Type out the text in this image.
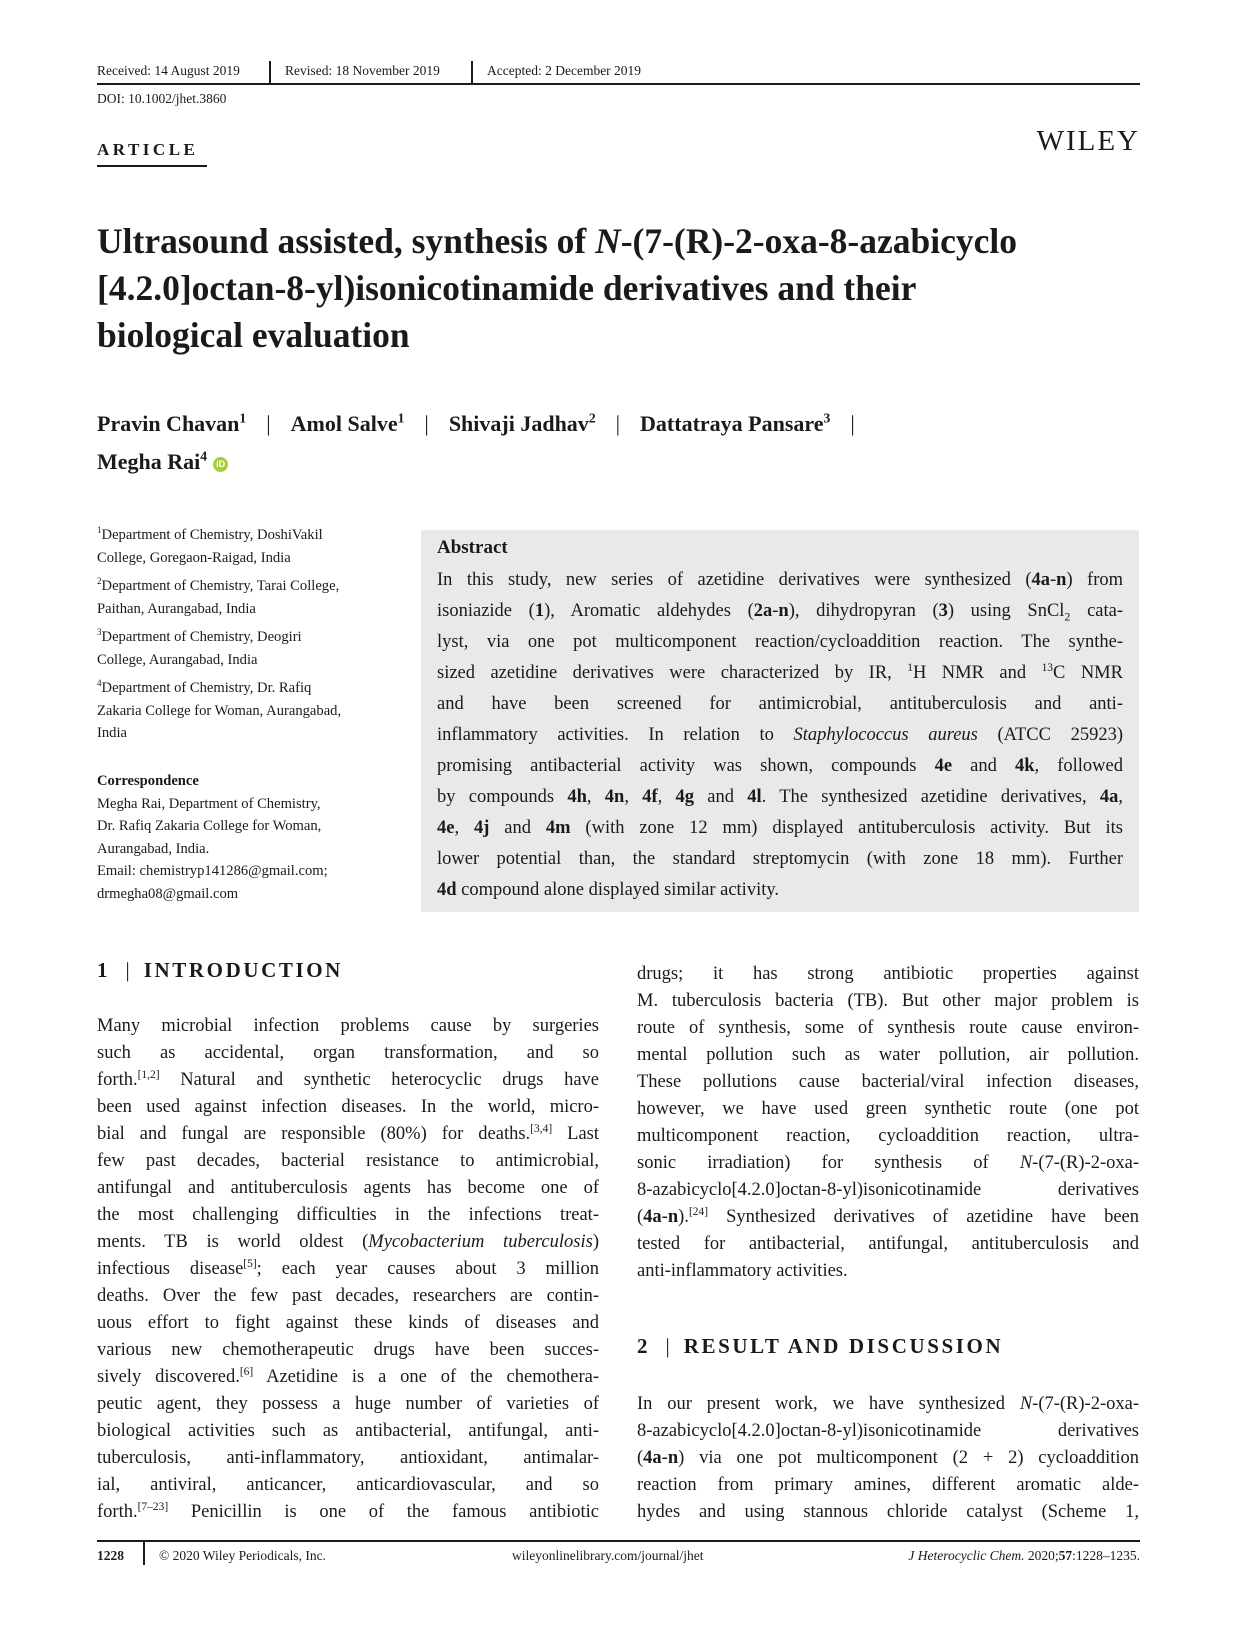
Received: 14 August 2019	Revised: 18 November 2019	Accepted: 2 December 2019
DOI: 10.1002/jhet.3860
ARTICLE	WILEY
Ultrasound assisted, synthesis of N-(7-(R)-2-oxa-8-azabicyclo
[4.2.0]octan-8-yl)isonicotinamide derivatives and their
biological evaluation
Pravin Chavan$^1$ | Amol Salve$^1$ | Shivaji Jadhav$^2$ | Dattatraya Pansare$^3$ |
Megha Rai$^4$iD
$^1$Department of Chemistry, DoshiVakil
College, Goregaon-Raigad, India
$^2$Department of Chemistry, Tarai College,
Paithan, Aurangabad, India
$^3$Department of Chemistry, Deogiri
College, Aurangabad, India
$^4$Department of Chemistry, Dr. Rafiq
Zakaria College for Woman, Aurangabad,
India
Correspondence
Megha Rai, Department of Chemistry,
Dr. Rafiq Zakaria College for Woman,
Aurangabad, India.
Email: chemistryp141286@gmail.com;
drmegha08@gmail.com
Abstract
In this study, new series of azetidine derivatives were synthesized (4a-n) from
isoniazide (1), Aromatic aldehydes (2a-n), dihydropyran (3) using SnCl$_2$ cata-
lyst, via one pot multicomponent reaction/cycloaddition reaction. The synthe-
sized azetidine derivatives were characterized by IR, $^1$H NMR and $^{13}$C NMR
and have been screened for antimicrobial, antituberculosis and anti-
inflammatory activities. In relation to Staphylococcus aureus (ATCC 25923)
promising antibacterial activity was shown, compounds 4e and 4k, followed
by compounds 4h, 4n, 4f, 4g and 4l. The synthesized azetidine derivatives, 4a,
4e, 4j and 4m (with zone 12 mm) displayed antituberculosis activity. But its
lower potential than, the standard streptomycin (with zone 18 mm). Further
4d compound alone displayed similar activity.
1 | INTRODUCTION
Many microbial infection problems cause by surgeries
such as accidental, organ transformation, and so
forth.[1,2] Natural and synthetic heterocyclic drugs have
been used against infection diseases. In the world, micro-
bial and fungal are responsible (80%) for deaths.[3,4] Last
few past decades, bacterial resistance to antimicrobial,
antifungal and antituberculosis agents has become one of
the most challenging difficulties in the infections treat-
ments. TB is world oldest (Mycobacterium tuberculosis)
infectious disease[5]; each year causes about 3 million
deaths. Over the few past decades, researchers are contin-
uous effort to fight against these kinds of diseases and
various new chemotherapeutic drugs have been succes-
sively discovered.[6] Azetidine is a one of the chemothera-
peutic agent, they possess a huge number of varieties of
biological activities such as antibacterial, antifungal, anti-
tuberculosis, anti-inflammatory, antioxidant, antimalar-
ial, antiviral, anticancer, anticardiovascular, and so
forth.[7–23] Penicillin is one of the famous antibiotic
drugs; it has strong antibiotic properties against
M. tuberculosis bacteria (TB). But other major problem is
route of synthesis, some of synthesis route cause environ-
mental pollution such as water pollution, air pollution.
These pollutions cause bacterial/viral infection diseases,
however, we have used green synthetic route (one pot
multicomponent reaction, cycloaddition reaction, ultra-
sonic irradiation) for synthesis of N-(7-(R)-2-oxa-
8-azabicyclo[4.2.0]octan-8-yl)isonicotinamide derivatives
(4a-n).[24] Synthesized derivatives of azetidine have been
tested for antibacterial, antifungal, antituberculosis and
anti-inflammatory activities.
2 | RESULT AND DISCUSSION
In our present work, we have synthesized N-(7-(R)-2-oxa-
8-azabicyclo[4.2.0]octan-8-yl)isonicotinamide derivatives
(4a-n) via one pot multicomponent (2 + 2) cycloaddition
reaction from primary amines, different aromatic alde-
hydes and using stannous chloride catalyst (Scheme 1,
1228	© 2020 Wiley Periodicals, Inc.	wileyonlinelibrary.com/journal/jhet	J Heterocyclic Chem. 2020;57:1228–1235.
